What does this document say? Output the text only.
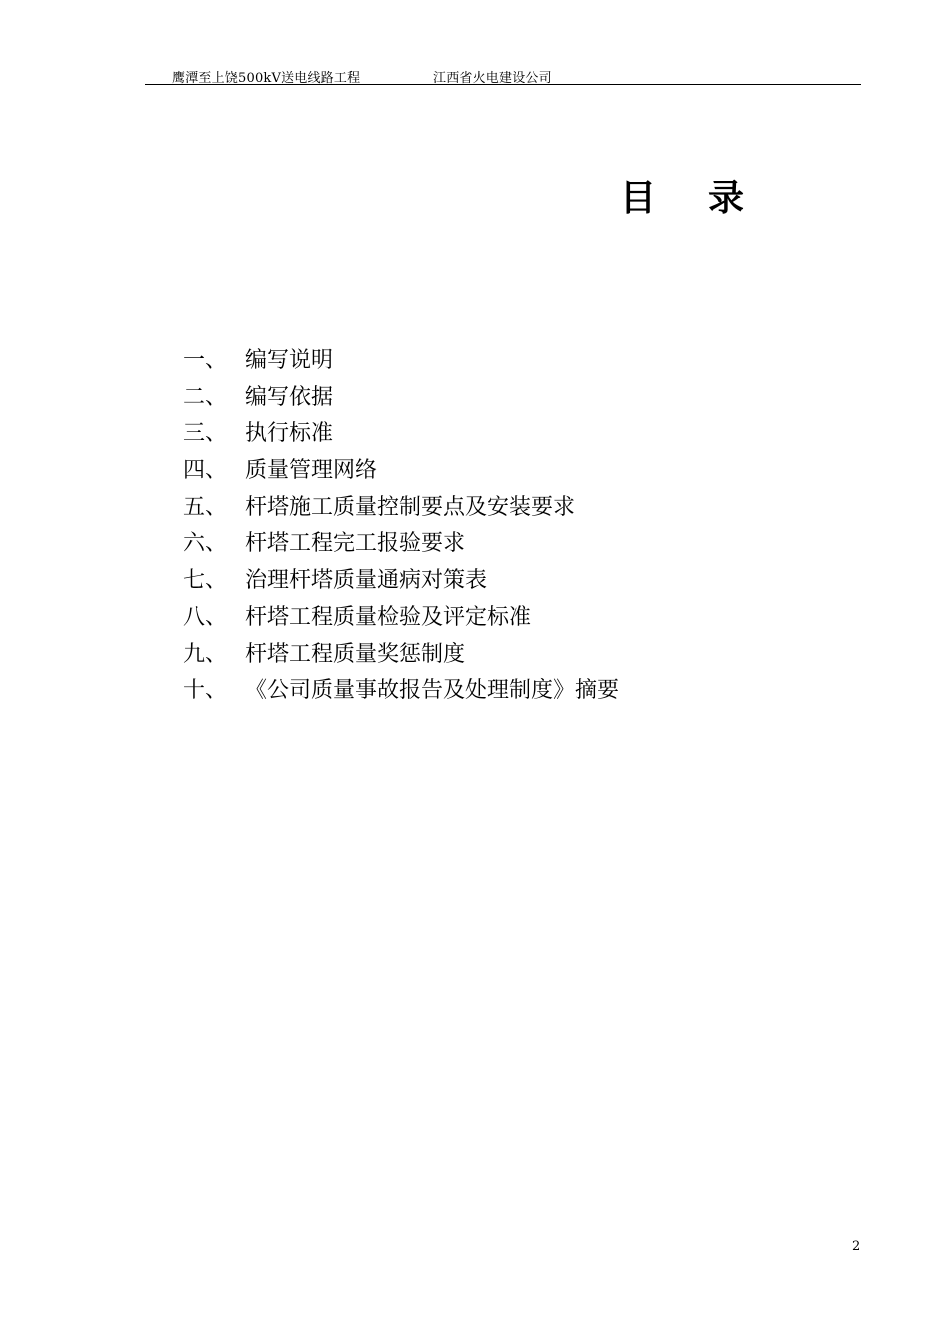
鹰潭至上饶500kV送电线路工程	江西省火电建设公司
目录
一、 编写说明
二、 编写依据
三、 执行标准
四、 质量管理网络
五、 杆塔施工质量控制要点及安装要求
六、 杆塔工程完工报验要求
七、 治理杆塔质量通病对策表
八、 杆塔工程质量检验及评定标准
九、 杆塔工程质量奖惩制度
十、 《公司质量事故报告及处理制度》摘要
2
